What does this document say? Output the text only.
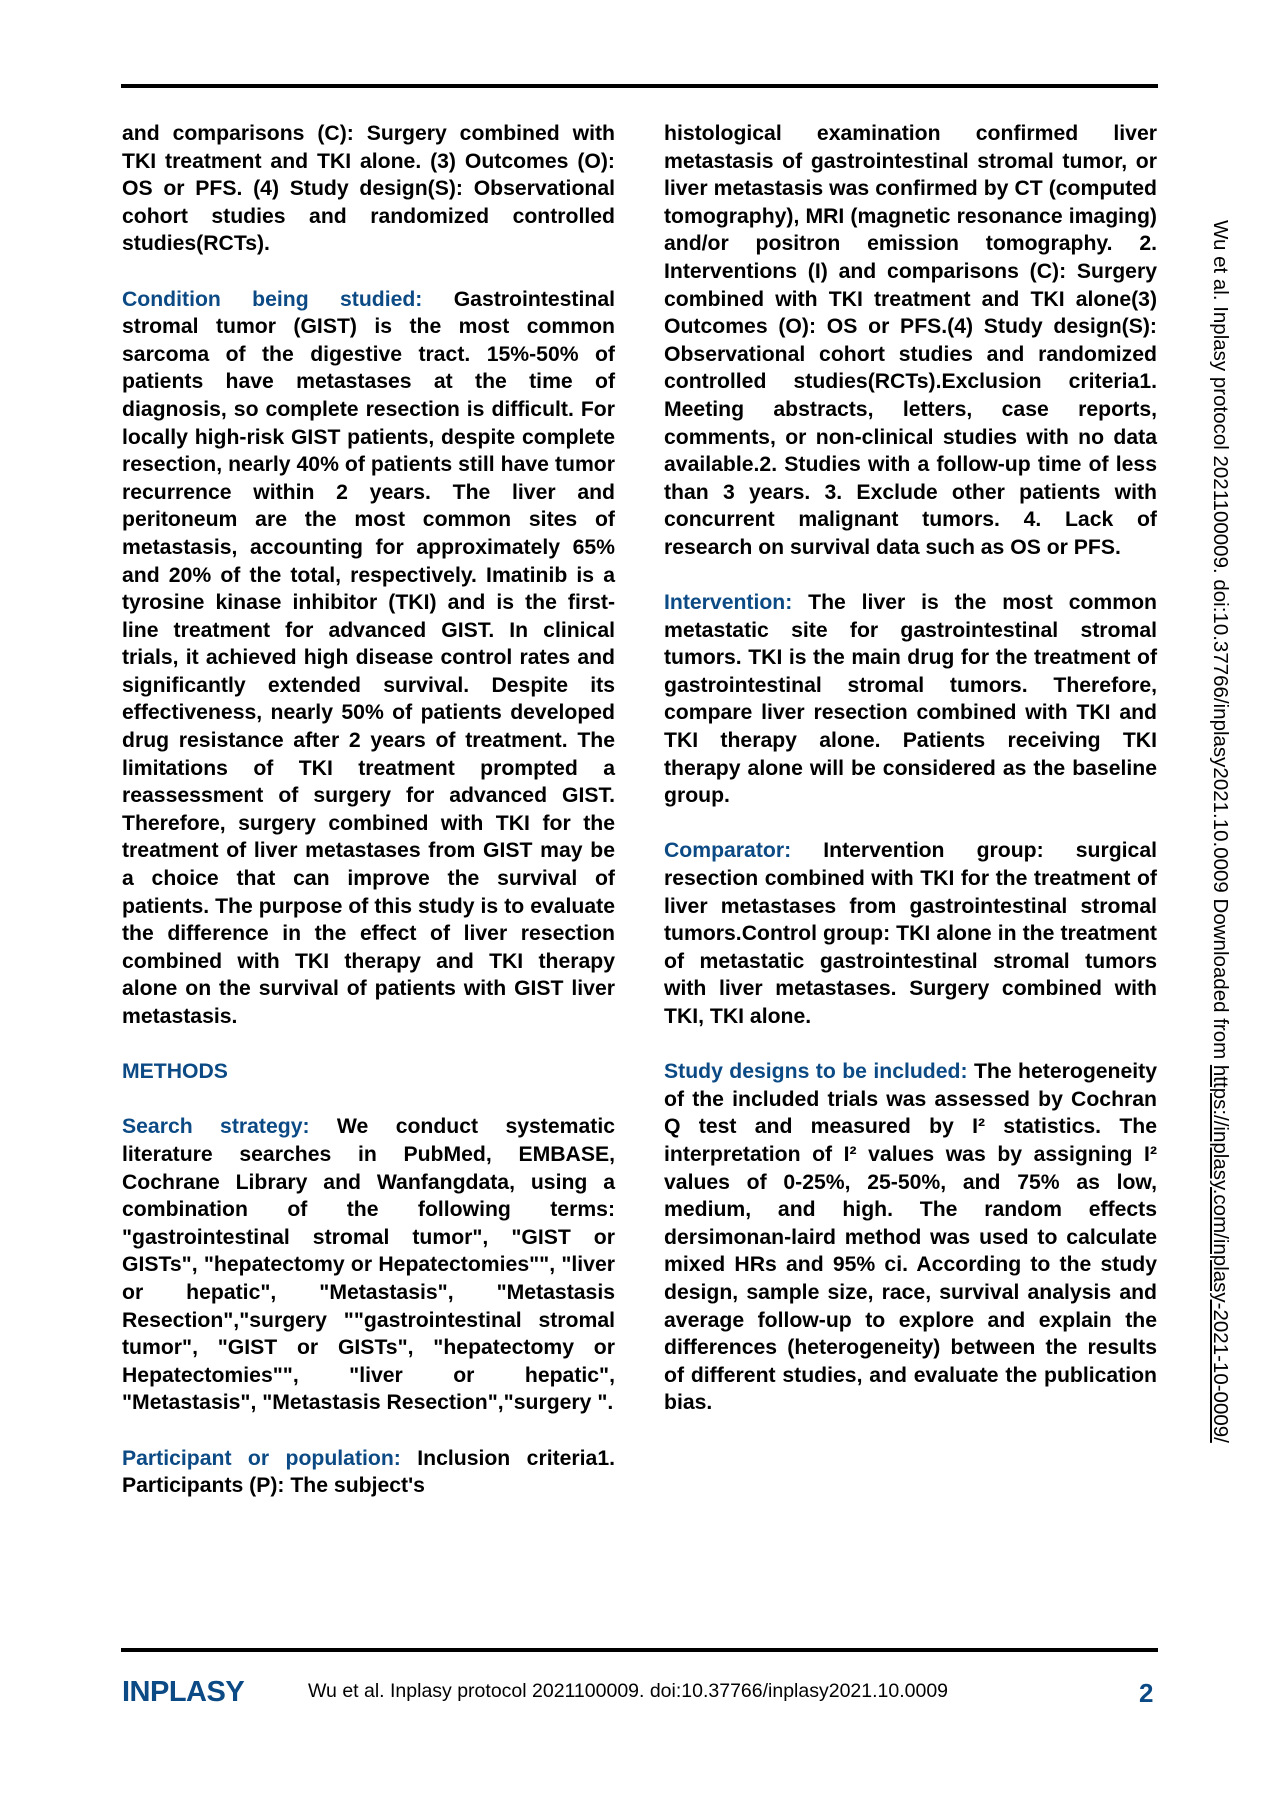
and comparisons (C): Surgery combined with TKI treatment and TKI alone. (3) Outcomes (O): OS or PFS. (4) Study design(S): Observational cohort studies and randomized controlled studies(RCTs).

Condition being studied: Gastrointestinal stromal tumor (GIST) is the most common sarcoma of the digestive tract. 15%-50% of patients have metastases at the time of diagnosis, so complete resection is difficult. For locally high-risk GIST patients, despite complete resection, nearly 40% of patients still have tumor recurrence within 2 years. The liver and peritoneum are the most common sites of metastasis, accounting for approximately 65% and 20% of the total, respectively. Imatinib is a tyrosine kinase inhibitor (TKI) and is the first-line treatment for advanced GIST. In clinical trials, it achieved high disease control rates and significantly extended survival. Despite its effectiveness, nearly 50% of patients developed drug resistance after 2 years of treatment. The limitations of TKI treatment prompted a reassessment of surgery for advanced GIST. Therefore, surgery combined with TKI for the treatment of liver metastases from GIST may be a choice that can improve the survival of patients. The purpose of this study is to evaluate the difference in the effect of liver resection combined with TKI therapy and TKI therapy alone on the survival of patients with GIST liver metastasis.

METHODS

Search strategy: We conduct systematic literature searches in PubMed, EMBASE, Cochrane Library and Wanfangdata, using a combination of the following terms: "gastrointestinal stromal tumor", "GIST or GISTs", "hepatectomy or Hepatectomies"", "liver or hepatic", "Metastasis", "Metastasis Resection","surgery ""gastrointestinal stromal tumor", "GIST or GISTs", "hepatectomy or Hepatectomies"", "liver or hepatic", "Metastasis", "Metastasis Resection","surgery ".

Participant or population: Inclusion criteria1. Participants (P): The subject's

histological examination confirmed liver metastasis of gastrointestinal stromal tumor, or liver metastasis was confirmed by CT (computed tomography), MRI (magnetic resonance imaging) and/or positron emission tomography. 2. Interventions (I) and comparisons (C): Surgery combined with TKI treatment and TKI alone(3) Outcomes (O): OS or PFS.(4) Study design(S): Observational cohort studies and randomized controlled studies(RCTs).Exclusion criteria1. Meeting abstracts, letters, case reports, comments, or non-clinical studies with no data available.2. Studies with a follow-up time of less than 3 years. 3. Exclude other patients with concurrent malignant tumors. 4. Lack of research on survival data such as OS or PFS.

Intervention: The liver is the most common metastatic site for gastrointestinal stromal tumors. TKI is the main drug for the treatment of gastrointestinal stromal tumors. Therefore, compare liver resection combined with TKI and TKI therapy alone. Patients receiving TKI therapy alone will be considered as the baseline group.

Comparator: Intervention group: surgical resection combined with TKI for the treatment of liver metastases from gastrointestinal stromal tumors.Control group: TKI alone in the treatment of metastatic gastrointestinal stromal tumors with liver metastases. Surgery combined with TKI, TKI alone.

Study designs to be included: The heterogeneity of the included trials was assessed by Cochran Q test and measured by I² statistics. The interpretation of I² values was by assigning I² values of 0-25%, 25-50%, and 75% as low, medium, and high. The random effects dersimonan-laird method was used to calculate mixed HRs and 95% ci. According to the study design, sample size, race, survival analysis and average follow-up to explore and explain the differences (heterogeneity) between the results of different studies, and evaluate the publication bias.

Wu et al. Inplasy protocol 2021100009. doi:10.37766/inplasy2021.10.0009 Downloaded from https://inplasy.com/inplasy-2021-10-0009/
INPLASY	Wu et al. Inplasy protocol 2021100009. doi:10.37766/inplasy2021.10.0009	2
